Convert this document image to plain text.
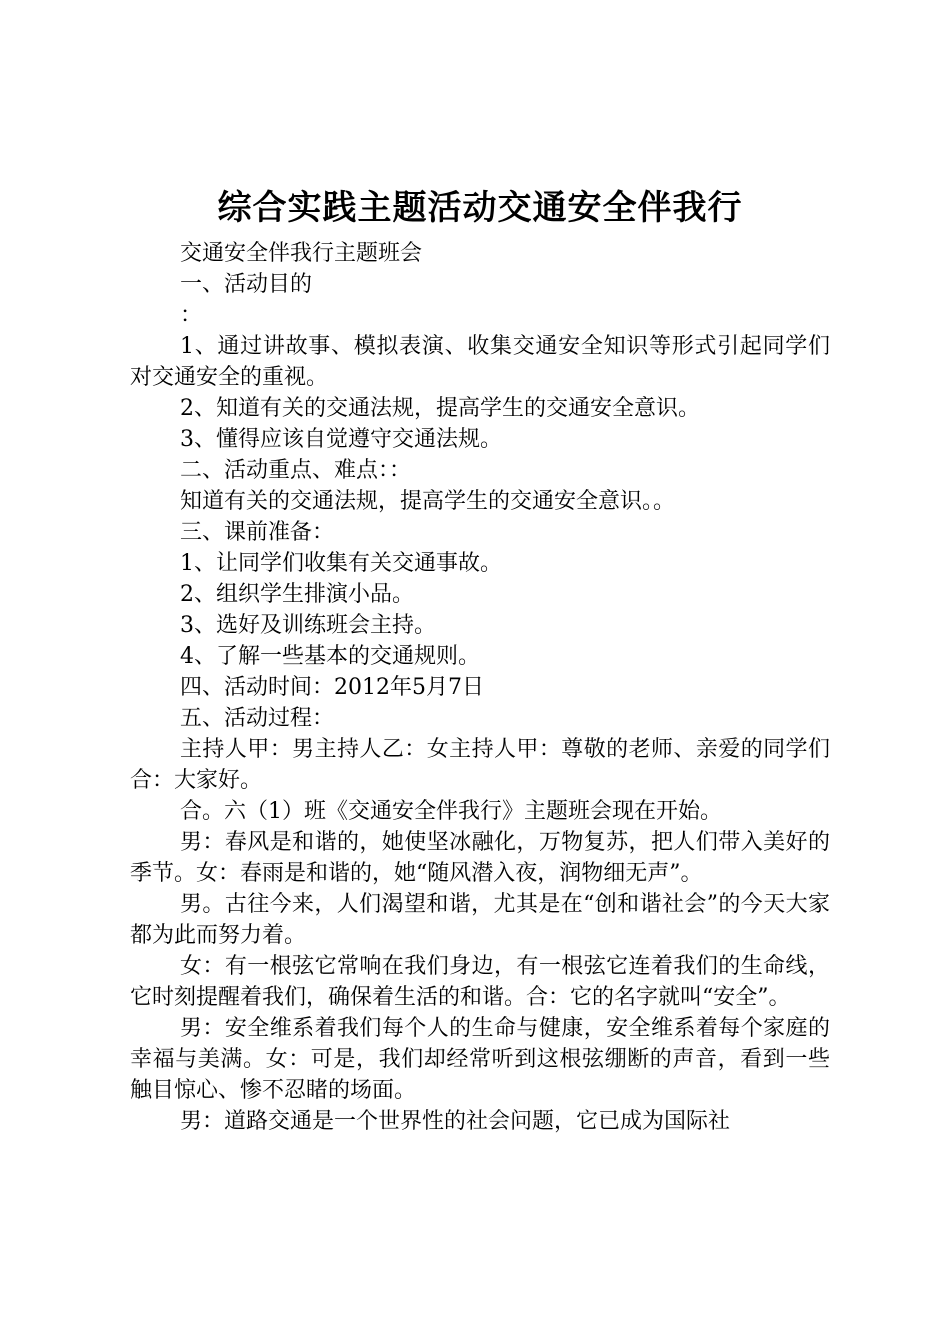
综合实践主题活动交通安全伴我行

交通安全伴我行主题班会

一、活动目的

：

1、通过讲故事、模拟表演、收集交通安全知识等形式引起同学们对交通安全的重视。

2、知道有关的交通法规，提高学生的交通安全意识。

3、懂得应该自觉遵守交通法规。

二、活动重点、难点：：

知道有关的交通法规，提高学生的交通安全意识。。

三、课前准备：

1、让同学们收集有关交通事故。

2、组织学生排演小品。

3、选好及训练班会主持。

4、了解一些基本的交通规则。

四、活动时间：2012年5月7日

五、活动过程：

主持人甲：男主持人乙：女主持人甲：尊敬的老师、亲爱的同学们合：大家好。

合。六（1）班《交通安全伴我行》主题班会现在开始。

男：春风是和谐的，她使坚冰融化，万物复苏，把人们带入美好的季节。女：春雨是和谐的，她“随风潜入夜，润物细无声”。

男。古往今来，人们渴望和谐，尤其是在“创和谐社会”的今天大家都为此而努力着。

女：有一根弦它常响在我们身边，有一根弦它连着我们的生命线，它时刻提醒着我们，确保着生活的和谐。合：它的名字就叫“安全”。

男：安全维系着我们每个人的生命与健康，安全维系着每个家庭的幸福与美满。女：可是，我们却经常听到这根弦绷断的声音，看到一些触目惊心、惨不忍睹的场面。

男：道路交通是一个世界性的社会问题，它已成为国际社
